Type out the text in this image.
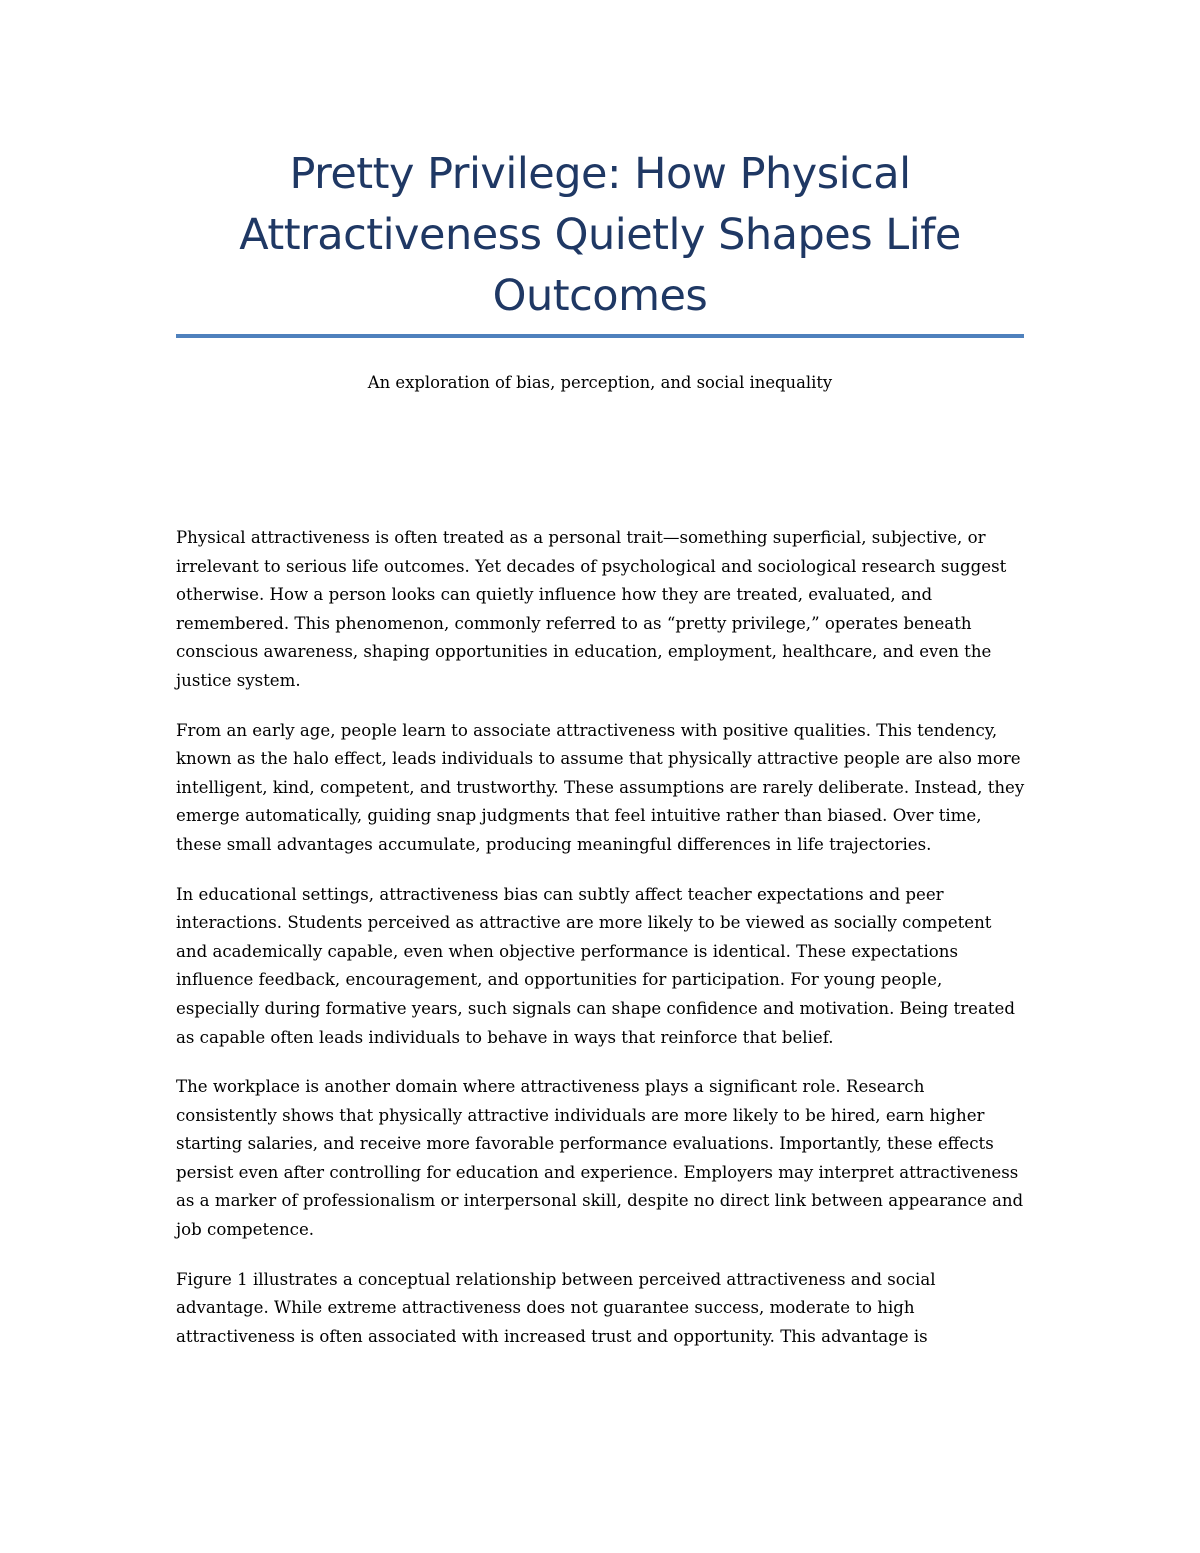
Pretty Privilege: How Physical Attractiveness Quietly Shapes Life Outcomes

An exploration of bias, perception, and social inequality

Physical attractiveness is often treated as a personal trait—something superficial, subjective, or irrelevant to serious life outcomes. Yet decades of psychological and sociological research suggest otherwise. How a person looks can quietly influence how they are treated, evaluated, and remembered. This phenomenon, commonly referred to as “pretty privilege,” operates beneath conscious awareness, shaping opportunities in education, employment, healthcare, and even the justice system.

From an early age, people learn to associate attractiveness with positive qualities. This tendency, known as the halo effect, leads individuals to assume that physically attractive people are also more intelligent, kind, competent, and trustworthy. These assumptions are rarely deliberate. Instead, they emerge automatically, guiding snap judgments that feel intuitive rather than biased. Over time, these small advantages accumulate, producing meaningful differences in life trajectories.

In educational settings, attractiveness bias can subtly affect teacher expectations and peer interactions. Students perceived as attractive are more likely to be viewed as socially competent and academically capable, even when objective performance is identical. These expectations influence feedback, encouragement, and opportunities for participation. For young people, especially during formative years, such signals can shape confidence and motivation. Being treated as capable often leads individuals to behave in ways that reinforce that belief.

The workplace is another domain where attractiveness plays a significant role. Research consistently shows that physically attractive individuals are more likely to be hired, earn higher starting salaries, and receive more favorable performance evaluations. Importantly, these effects persist even after controlling for education and experience. Employers may interpret attractiveness as a marker of professionalism or interpersonal skill, despite no direct link between appearance and job competence.

Figure 1 illustrates a conceptual relationship between perceived attractiveness and social advantage. While extreme attractiveness does not guarantee success, moderate to high attractiveness is often associated with increased trust and opportunity. This advantage is
